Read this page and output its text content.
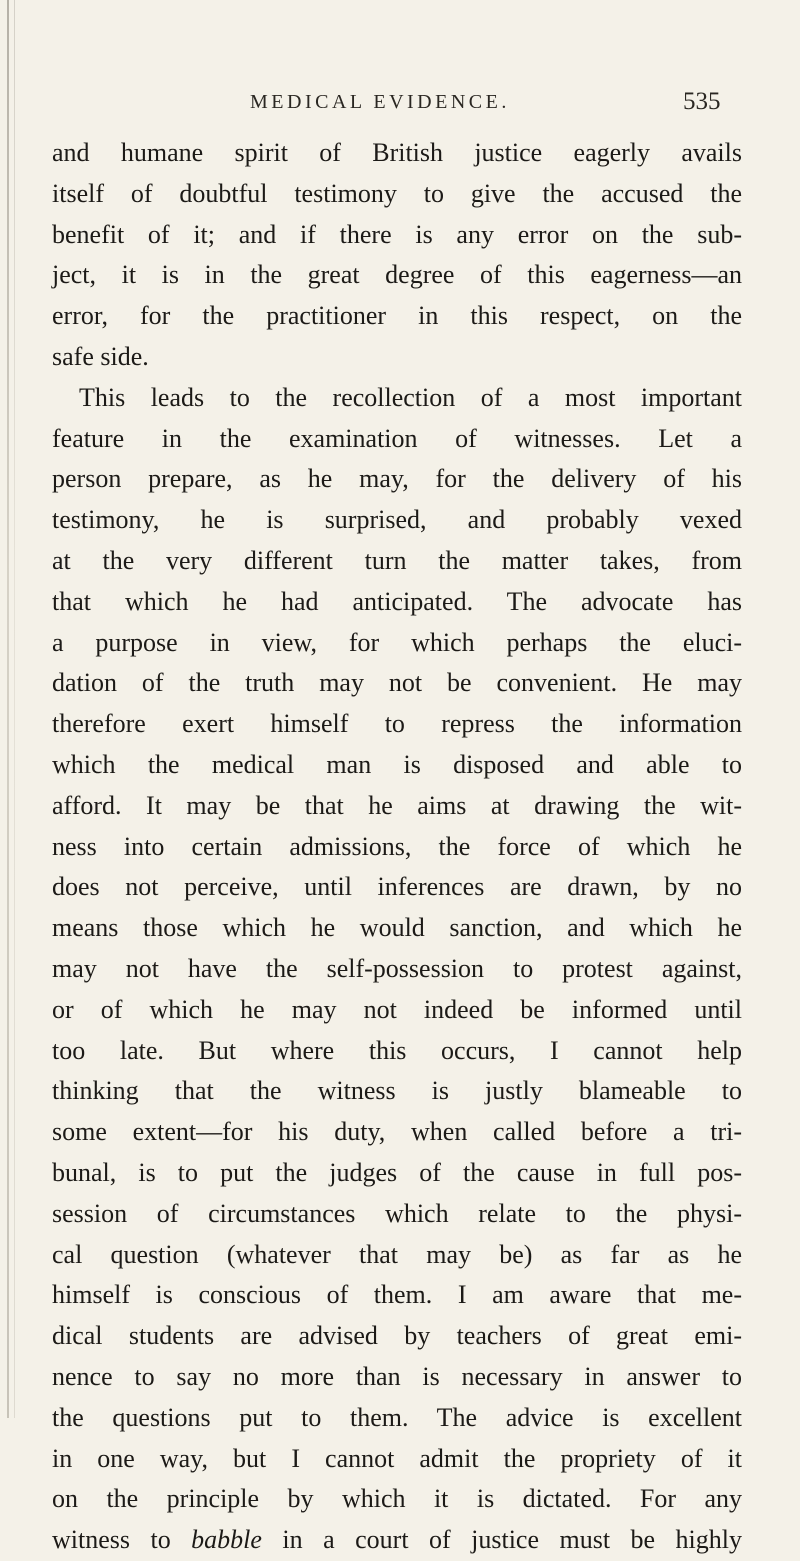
MEDICAL EVIDENCE.	535
and humane spirit of British justice eagerly avails
itself of doubtful testimony to give the accused the
benefit of it; and if there is any error on the sub-
ject, it is in the great degree of this eagerness—an
error, for the practitioner in this respect, on the
safe side.
This leads to the recollection of a most important
feature in the examination of witnesses. Let a
person prepare, as he may, for the delivery of his
testimony, he is surprised, and probably vexed
at the very different turn the matter takes, from
that which he had anticipated. The advocate has
a purpose in view, for which perhaps the eluci-
dation of the truth may not be convenient. He may
therefore exert himself to repress the information
which the medical man is disposed and able to
afford. It may be that he aims at drawing the wit-
ness into certain admissions, the force of which he
does not perceive, until inferences are drawn, by no
means those which he would sanction, and which he
may not have the self-possession to protest against,
or of which he may not indeed be informed until
too late. But where this occurs, I cannot help
thinking that the witness is justly blameable to
some extent—for his duty, when called before a tri-
bunal, is to put the judges of the cause in full pos-
session of circumstances which relate to the physi-
cal question (whatever that may be) as far as he
himself is conscious of them. I am aware that me-
dical students are advised by teachers of great emi-
nence to say no more than is necessary in answer to
the questions put to them. The advice is excellent
in one way, but I cannot admit the propriety of it
on the principle by which it is dictated. For any
witness to babble in a court of justice must be highly
